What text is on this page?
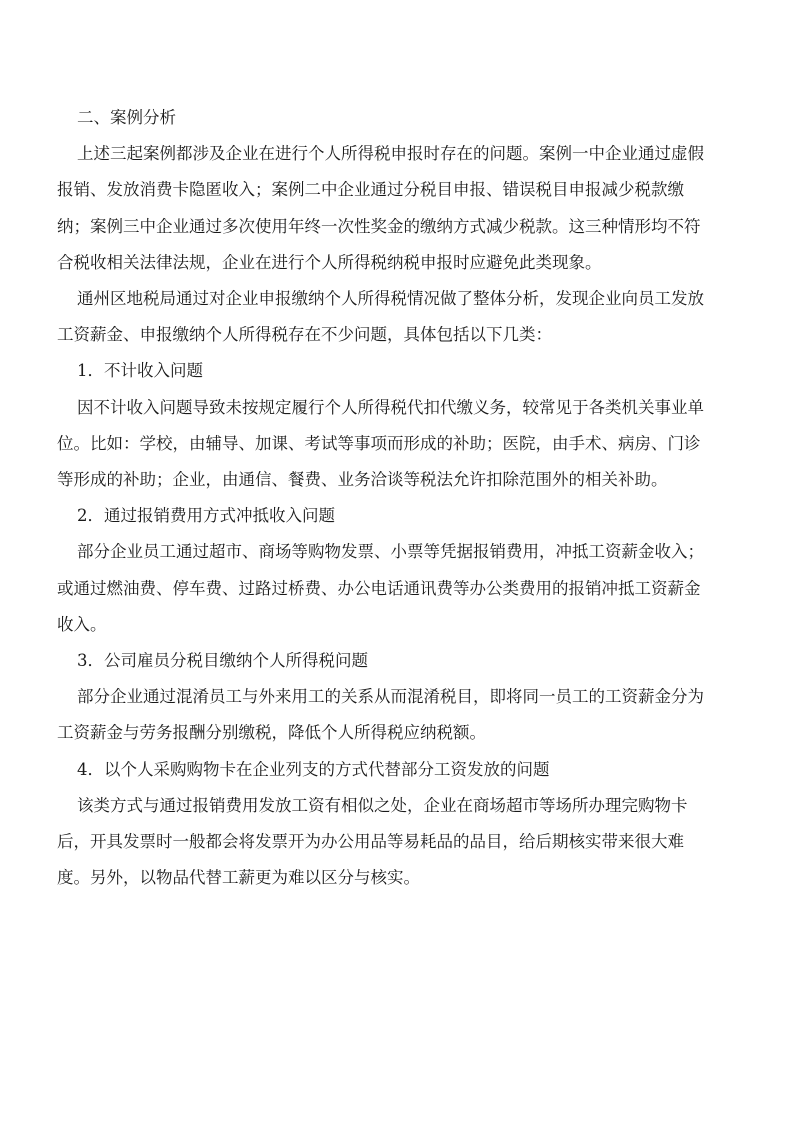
二、案例分析
上述三起案例都涉及企业在进行个人所得税申报时存在的问题。案例一中企业通过虚假
报销、发放消费卡隐匿收入；案例二中企业通过分税目申报、错误税目申报减少税款缴
纳；案例三中企业通过多次使用年终一次性奖金的缴纳方式减少税款。这三种情形均不符
合税收相关法律法规，企业在进行个人所得税纳税申报时应避免此类现象。
通州区地税局通过对企业申报缴纳个人所得税情况做了整体分析，发现企业向员工发放
工资薪金、申报缴纳个人所得税存在不少问题，具体包括以下几类：
1．不计收入问题
因不计收入问题导致未按规定履行个人所得税代扣代缴义务，较常见于各类机关事业单
位。比如：学校，由辅导、加课、考试等事项而形成的补助；医院，由手术、病房、门诊
等形成的补助；企业，由通信、餐费、业务洽谈等税法允许扣除范围外的相关补助。
2．通过报销费用方式冲抵收入问题
部分企业员工通过超市、商场等购物发票、小票等凭据报销费用，冲抵工资薪金收入；
或通过燃油费、停车费、过路过桥费、办公电话通讯费等办公类费用的报销冲抵工资薪金
收入。
3．公司雇员分税目缴纳个人所得税问题
部分企业通过混淆员工与外来用工的关系从而混淆税目，即将同一员工的工资薪金分为
工资薪金与劳务报酬分别缴税，降低个人所得税应纳税额。
4．以个人采购购物卡在企业列支的方式代替部分工资发放的问题
该类方式与通过报销费用发放工资有相似之处，企业在商场超市等场所办理完购物卡
后，开具发票时一般都会将发票开为办公用品等易耗品的品目，给后期核实带来很大难
度。另外，以物品代替工薪更为难以区分与核实。
